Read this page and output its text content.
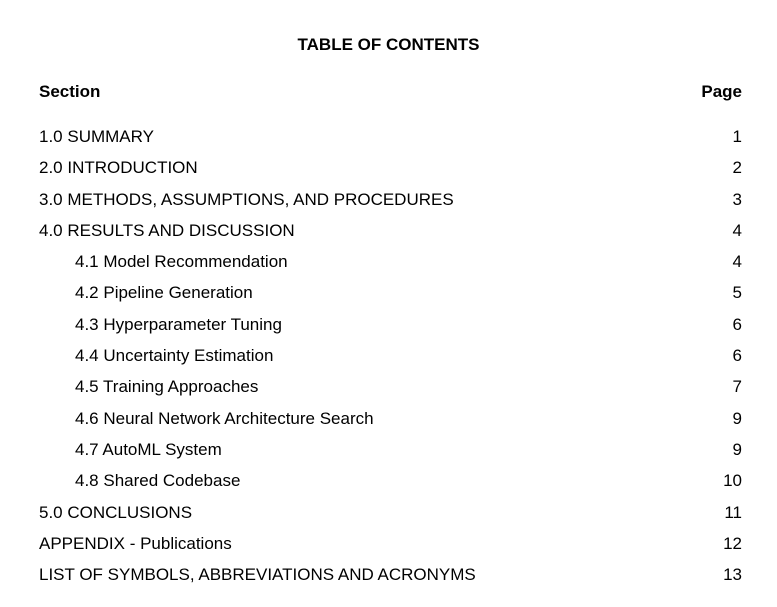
TABLE OF CONTENTS
Section	Page
1.0 SUMMARY	1
2.0 INTRODUCTION	2
3.0 METHODS, ASSUMPTIONS, AND PROCEDURES	3
4.0 RESULTS AND DISCUSSION	4
4.1 Model Recommendation	4
4.2 Pipeline Generation	5
4.3 Hyperparameter Tuning	6
4.4 Uncertainty Estimation	6
4.5 Training Approaches	7
4.6 Neural Network Architecture Search	9
4.7 AutoML System	9
4.8 Shared Codebase	10
5.0 CONCLUSIONS	11
APPENDIX - Publications	12
LIST OF SYMBOLS, ABBREVIATIONS AND ACRONYMS	13
